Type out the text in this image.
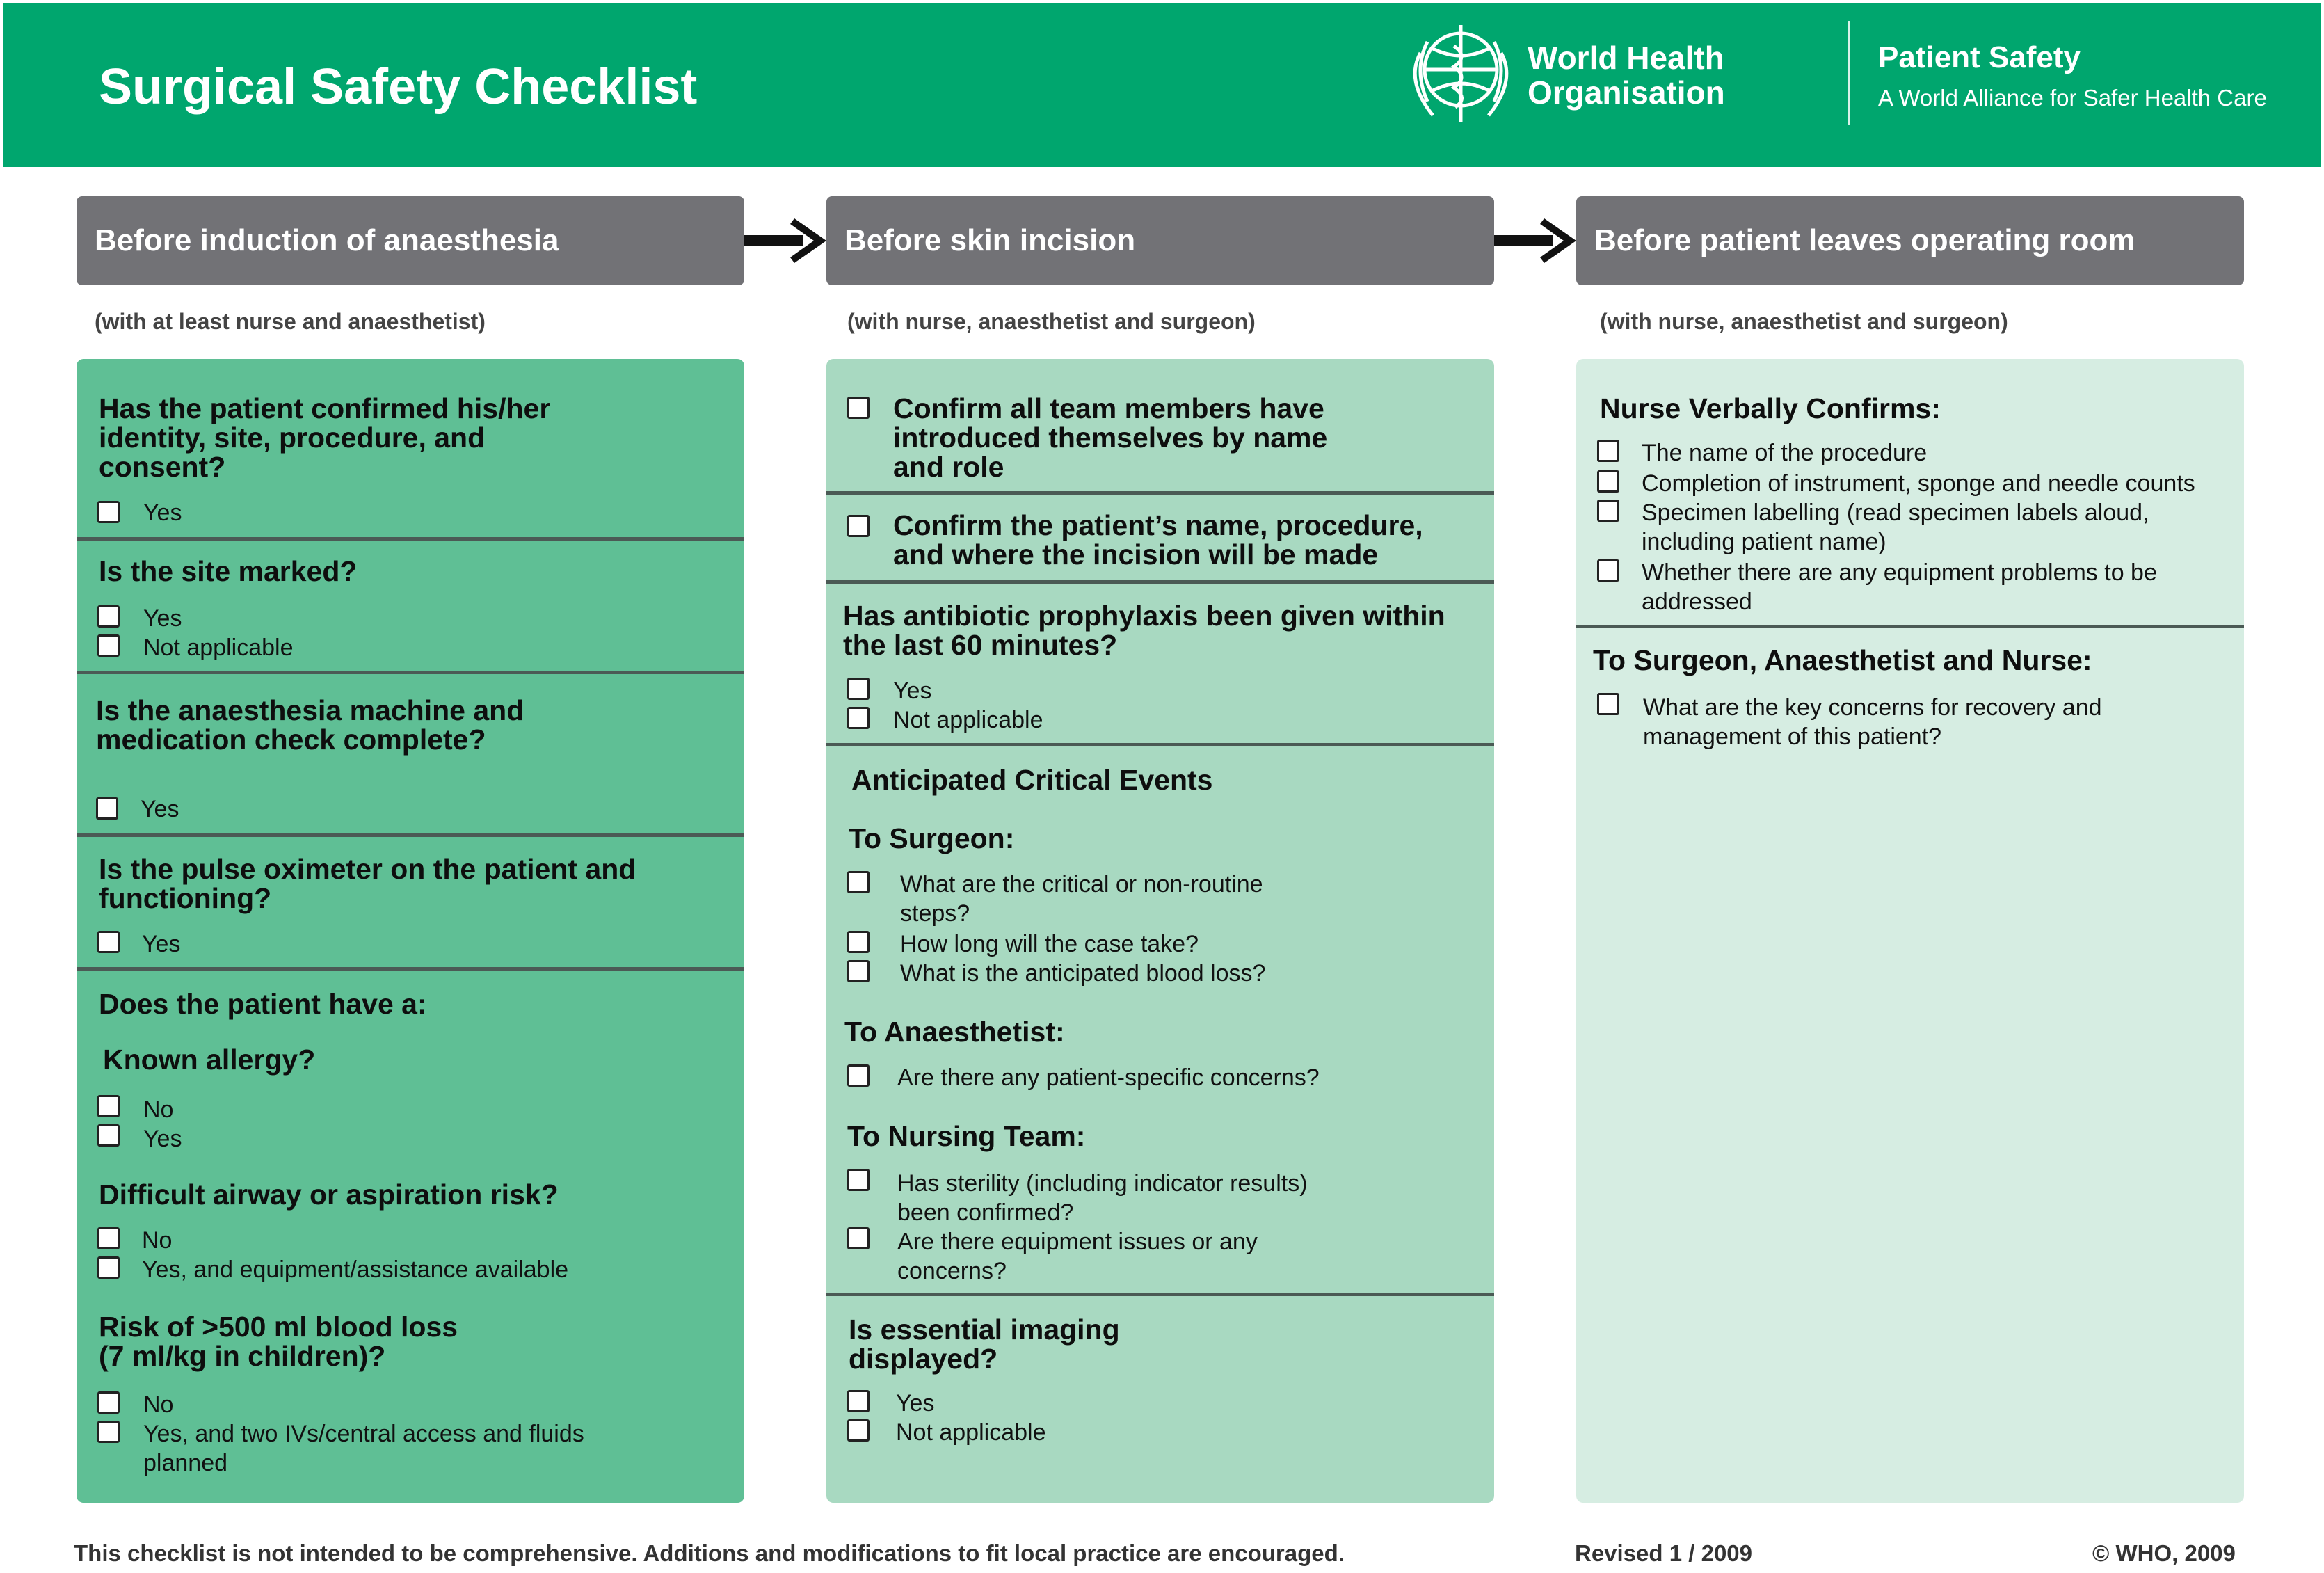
Surgical Safety Checklist
World Health
Organisation
Patient Safety
A World Alliance for Safer Health Care
Before induction of anaesthesia	Before skin incision	Before patient leaves operating room
(with at least nurse and anaesthetist)	(with nurse, anaesthetist and surgeon)	(with nurse, anaesthetist and surgeon)
Has the patient confirmed his/her
identity, site, procedure, and
consent?
Yes
Is the site marked?
Yes
Not applicable
Is the anaesthesia machine and
medication check complete?
Yes
Is the pulse oximeter on the patient and
functioning?
Yes
Does the patient have a:
Known allergy?
No
Yes
Difficult airway or aspiration risk?
No
Yes, and equipment/assistance available
Risk of >500 ml blood loss
(7 ml/kg in children)?
No
Yes, and two IVs/central access and fluids
planned
Confirm all team members have
introduced themselves by name
and role
Confirm the patient’s name, procedure,
and where the incision will be made
Has antibiotic prophylaxis been given within
the last 60 minutes?
Yes
Not applicable
Anticipated Critical Events
To Surgeon:
What are the critical or non-routine
steps?
How long will the case take?
What is the anticipated blood loss?
To Anaesthetist:
Are there any patient-specific concerns?
To Nursing Team:
Has sterility (including indicator results)
been confirmed?
Are there equipment issues or any
concerns?
Is essential imaging
displayed?
Yes
Not applicable
Nurse Verbally Confirms:
The name of the procedure
Completion of instrument, sponge and needle counts
Specimen labelling (read specimen labels aloud,
including patient name)
Whether there are any equipment problems to be
addressed
To Surgeon, Anaesthetist and Nurse:
What are the key concerns for recovery and
management of this patient?
This checklist is not intended to be comprehensive. Additions and modifications to fit local practice are encouraged.	Revised 1 / 2009	© WHO, 2009
